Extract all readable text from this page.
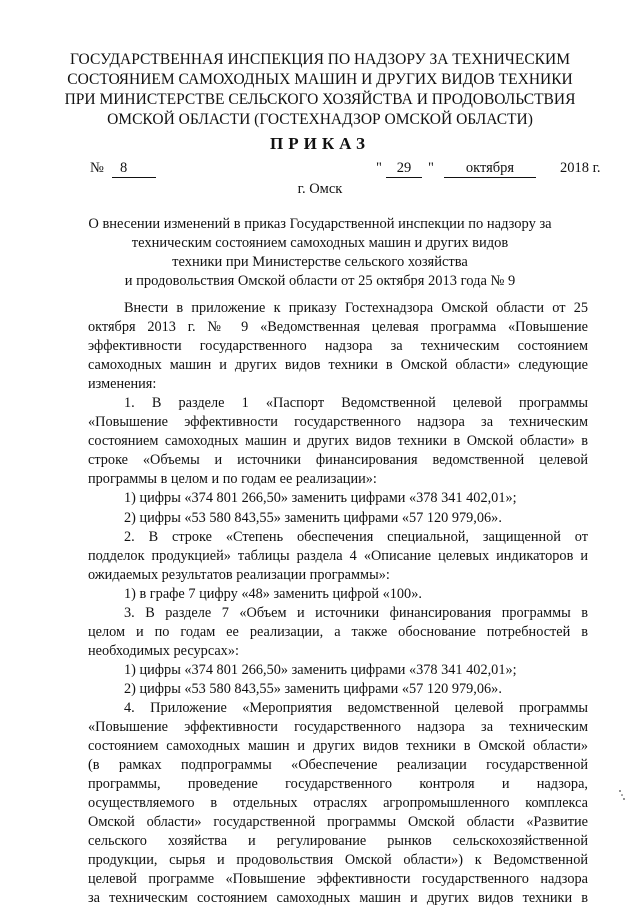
ГОСУДАРСТВЕННАЯ ИНСПЕКЦИЯ ПО НАДЗОРУ ЗА ТЕХНИЧЕСКИМ
СОСТОЯНИЕМ САМОХОДНЫХ МАШИН И ДРУГИХ ВИДОВ ТЕХНИКИ
ПРИ МИНИСТЕРСТВЕ СЕЛЬСКОГО ХОЗЯЙСТВА И ПРОДОВОЛЬСТВИЯ
ОМСКОЙ ОБЛАСТИ (ГОСТЕХНАДЗОР ОМСКОЙ ОБЛАСТИ)
ПРИКАЗ
№	8	"	29	"	октября	2018 г.
г. Омск
О внесении изменений в приказ Государственной инспекции по надзору за
техническим состоянием самоходных машин и других видов
техники при Министерстве сельского хозяйства
и продовольствия Омской области от 25 октября 2013 года № 9
Внести в приложение к приказу Гостехнадзора Омской области от 25
октября 2013 г. № 9 «Ведомственная целевая программа «Повышение
эффективности государственного надзора за техническим состоянием
самоходных машин и других видов техники в Омской области» следующие
изменения:
1. В разделе 1 «Паспорт Ведомственной целевой программы
«Повышение эффективности государственного надзора за техническим
состоянием самоходных машин и других видов техники в Омской области» в
строке «Объемы и источники финансирования ведомственной целевой
программы в целом и по годам ее реализации»:
1) цифры «374 801 266,50» заменить цифрами «378 341 402,01»;
2) цифры «53 580 843,55» заменить цифрами «57 120 979,06».
2. В строке «Степень обеспечения специальной, защищенной от
подделок продукцией» таблицы раздела 4 «Описание целевых индикаторов и
ожидаемых результатов реализации программы»:
1) в графе 7 цифру «48» заменить цифрой «100».
3. В разделе 7 «Объем и источники финансирования программы в
целом и по годам ее реализации, а также обоснование потребностей в
необходимых ресурсах»:
1) цифры «374 801 266,50» заменить цифрами «378 341 402,01»;
2) цифры «53 580 843,55» заменить цифрами «57 120 979,06».
4. Приложение «Мероприятия ведомственной целевой программы
«Повышение эффективности государственного надзора за техническим
состоянием самоходных машин и других видов техники в Омской области»
(в рамках подпрограммы «Обеспечение реализации государственной
программы, проведение государственного контроля и надзора,
осуществляемого в отдельных отраслях агропромышленного комплекса
Омской области» государственной программы Омской области «Развитие
сельского хозяйства и регулирование рынков сельскохозяйственной
продукции, сырья и продовольствия Омской области») к Ведомственной
целевой программе «Повышение эффективности государственного надзора
за техническим состоянием самоходных машин и других видов техники в
